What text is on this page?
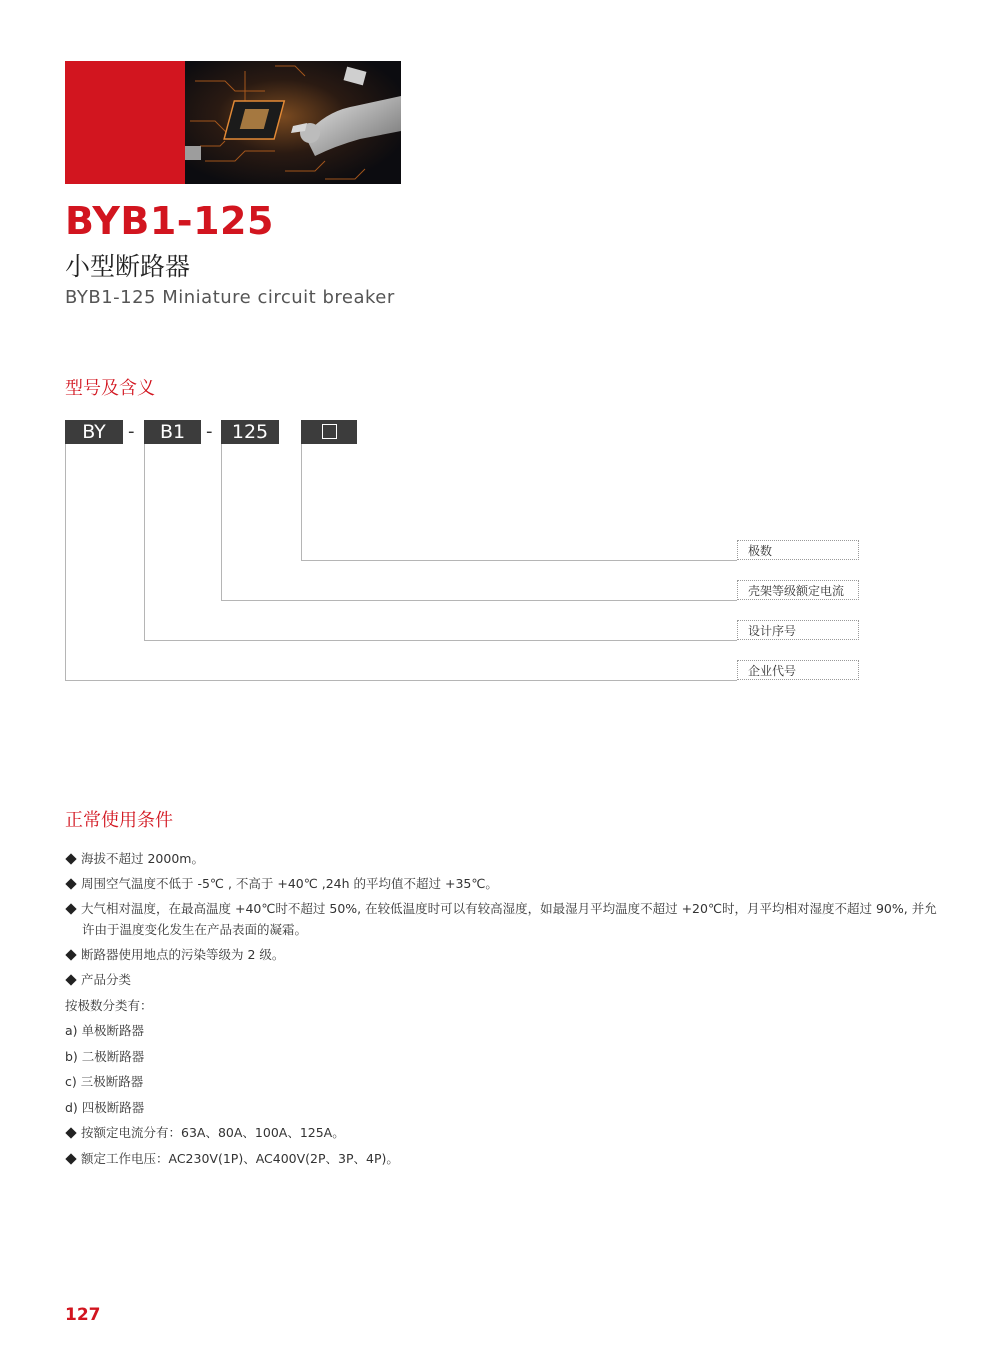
BYB1-125
小型断路器
BYB1-125 Miniature circuit breaker
型号及含义
BY	-	B1	-	125
极数
壳架等级额定电流
设计序号
企业代号
正常使用条件
海拔不超过 2000m。
周围空气温度不低于 -5℃ , 不高于 +40℃ ,24h 的平均值不超过 +35℃。
大气相对温度，在最高温度 +40℃时不超过 50%, 在较低温度时可以有较高湿度，如最湿月平均温度不超过 +20℃时，月平均相对湿度不超过 90%, 并允
许由于温度变化发生在产品表面的凝霜。
断路器使用地点的污染等级为 2 级。
产品分类
按极数分类有：
a) 单极断路器
b) 二极断路器
c) 三极断路器
d) 四极断路器
按额定电流分有：63A、80A、100A、125A。
额定工作电压：AC230V(1P)、AC400V(2P、3P、4P)。
127
